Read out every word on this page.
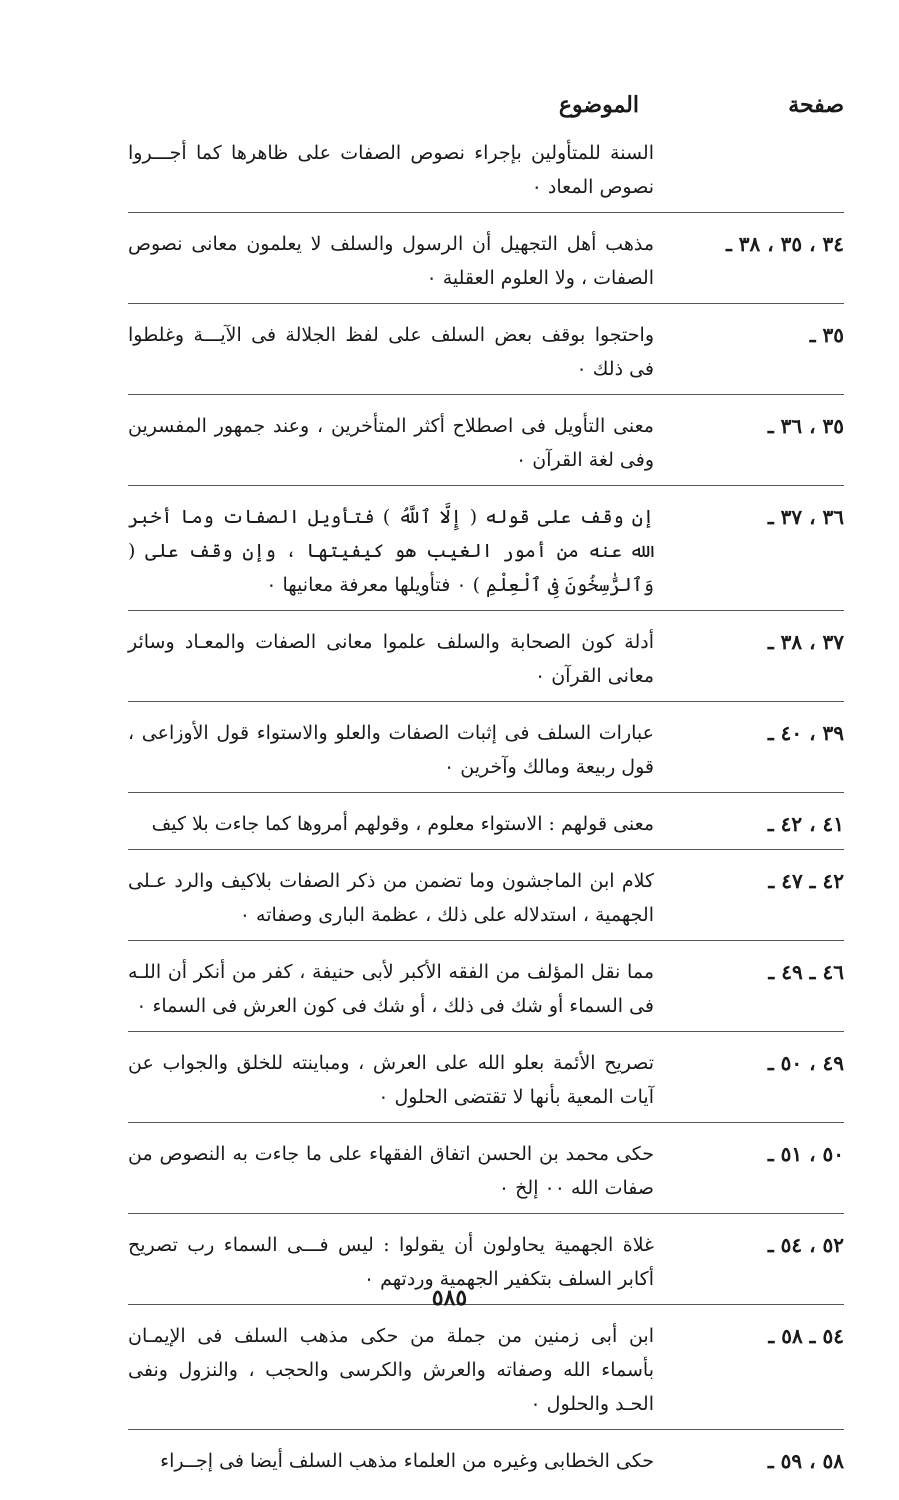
صفحة
الموضوع
السنة للمتأولين بإجراء نصوص الصفات على ظاهرها كما أجـــروا نصوص المعاد ٠
٣٤ ، ٣٥ ، ٣٨ ـ
مذهب أهل التجهيل أن الرسول والسلف لا يعلمون معانى نصوص الصفات ، ولا العلوم العقلية ٠
٣٥ ـ
واحتجوا بوقف بعض السلف على لفظ الجلالة فى الآيـــة وغلطوا فى ذلك ٠
٣٥ ، ٣٦ ـ
معنى التأويل فى اصطلاح أكثر المتأخرين ، وعند جمهور المفسرين وفى لغة القرآن ٠
٣٦ ، ٣٧ ـ
إن وقف على قوله ( إِلَّا ٱللَّهُ ) فتأويل الصفات وما أخبر الله عنه من أمور الغيب هو كيفيتها ، وإن وقف على ( وَٱلرَّٰسِخُونَ فِى ٱلْعِلْمِ ) ٠ فتأويلها معرفة معانيها ٠
٣٧ ، ٣٨ ـ
أدلة كون الصحابة والسلف علموا معانى الصفات والمعـاد وسائر معانى القرآن ٠
٣٩ ، ٤٠ ـ
عبارات السلف فى إثبات الصفات والعلو والاستواء قول الأوزاعى ، قول ربيعة ومالك وآخرين ٠
٤١ ، ٤٢ ـ
معنى قولهم : الاستواء معلوم ، وقولهم أمروها كما جاءت بلا كيف
٤٢ ـ ٤٧ ـ
كلام ابن الماجشون وما تضمن من ذكر الصفات بلاكيف والرد عـلى الجهمية ، استدلاله على ذلك ، عظمة البارى وصفاته ٠
٤٦ ـ ٤٩ ـ
مما نقل المؤلف من الفقه الأكبر لأبى حنيفة ، كفر من أنكر أن اللـه فى السماء أو شك فى ذلك ، أو شك فى كون العرش فى السماء ٠
٤٩ ، ٥٠ ـ
تصريح الأئمة بعلو الله على العرش ، ومباينته للخلق والجواب عن آيات المعية بأنها لا تقتضى الحلول ٠
٥٠ ، ٥١ ـ
حكى محمد بن الحسن اتفاق الفقهاء على ما جاءت به النصوص من صفات الله ٠٠ إلخ ٠
٥٢ ، ٥٤ ـ
غلاة الجهمية يحاولون أن يقولوا : ليس فـــى السماء رب تصريح أكابر السلف بتكفير الجهمية وردتهم ٠
٥٤ ـ ٥٨ ـ
ابن أبى زمنين من جملة من حكى مذهب السلف فى الإيمـان بأسماء الله وصفاته والعرش والكرسى والحجب ، والنزول ونفى الحـد والحلول ٠
٥٨ ، ٥٩ ـ
حكى الخطابى وغيره من العلماء مذهب السلف أيضا فى إجــراء
٥٨٥
